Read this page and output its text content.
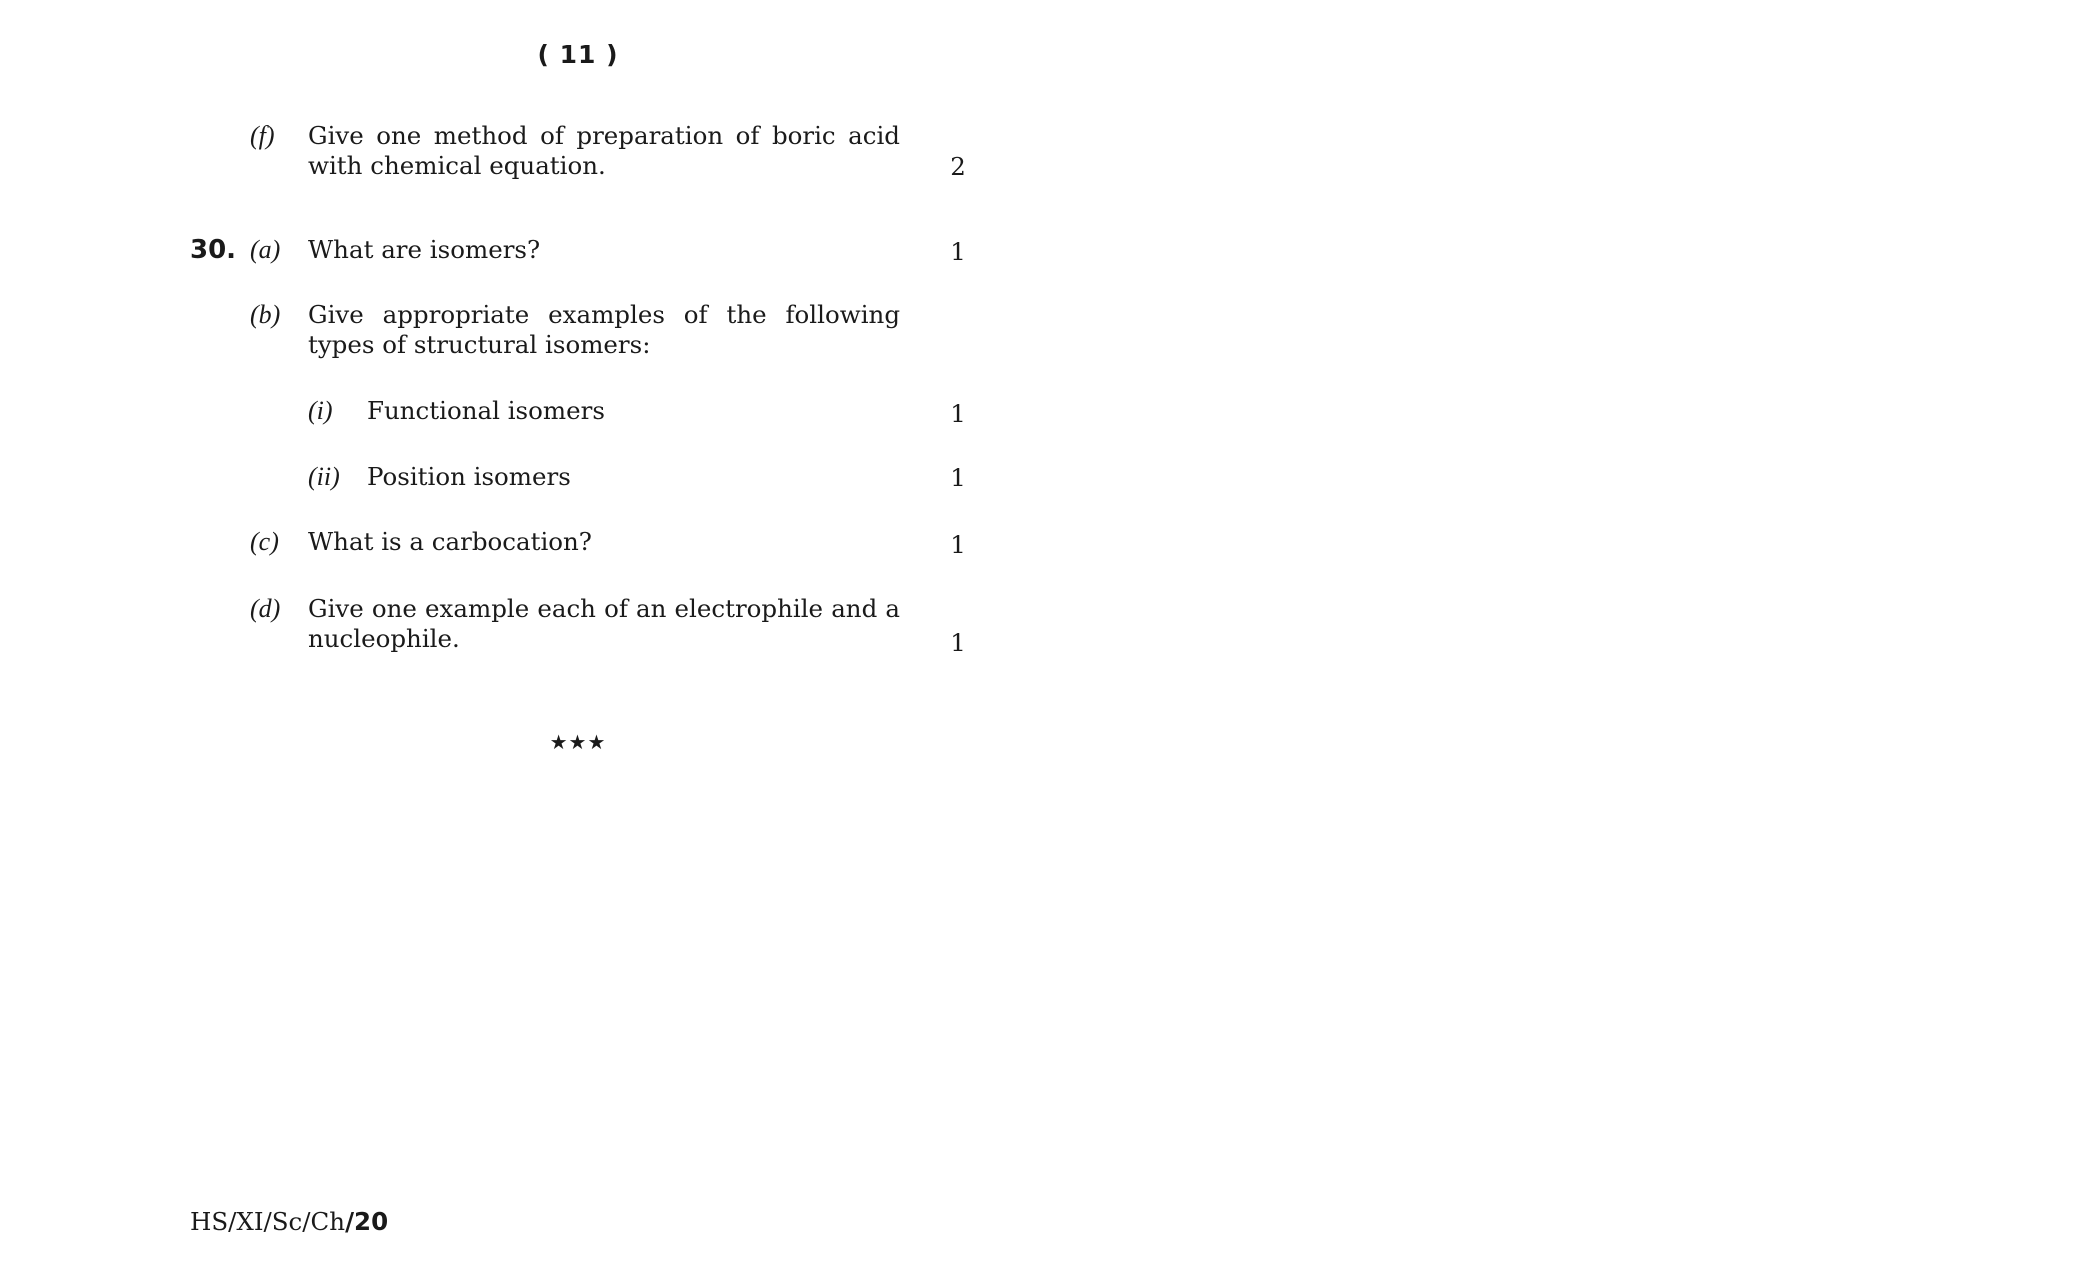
( 11 )
(f) Give one method of preparation of boric acid with chemical equation.	2
30. (a) What are isomers?	1
(b) Give appropriate examples of the following types of structural isomers:
(i) Functional isomers	1
(ii) Position isomers	1
(c) What is a carbocation?	1
(d) Give one example each of an electrophile and a nucleophile.	1
★★★
HS/XI/Sc/Ch/20
